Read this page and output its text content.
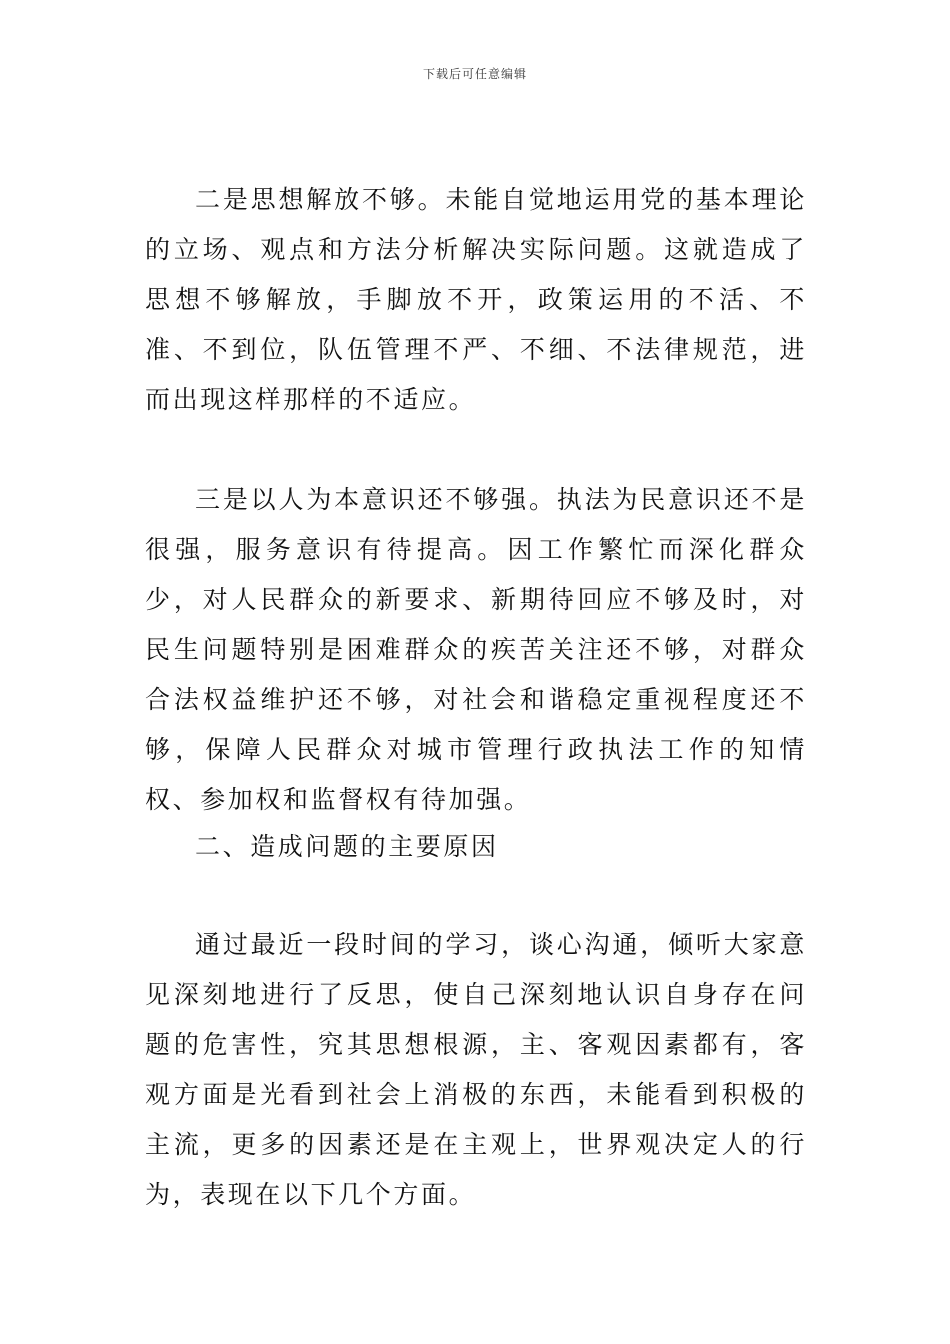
下载后可任意编辑

二是思想解放不够。未能自觉地运用党的基本理论的立场、观点和方法分析解决实际问题。这就造成了思想不够解放，手脚放不开，政策运用的不活、不准、不到位，队伍管理不严、不细、不法律规范，进而出现这样那样的不适应。

三是以人为本意识还不够强。执法为民意识还不是很强，服务意识有待提高。因工作繁忙而深化群众少，对人民群众的新要求、新期待回应不够及时，对民生问题特别是困难群众的疾苦关注还不够，对群众合法权益维护还不够，对社会和谐稳定重视程度还不够，保障人民群众对城市管理行政执法工作的知情权、参加权和监督权有待加强。

二、造成问题的主要原因

通过最近一段时间的学习，谈心沟通，倾听大家意见深刻地进行了反思，使自己深刻地认识自身存在问题的危害性，究其思想根源，主、客观因素都有，客观方面是光看到社会上消极的东西，未能看到积极的主流，更多的因素还是在主观上，世界观决定人的行为，表现在以下几个方面。
